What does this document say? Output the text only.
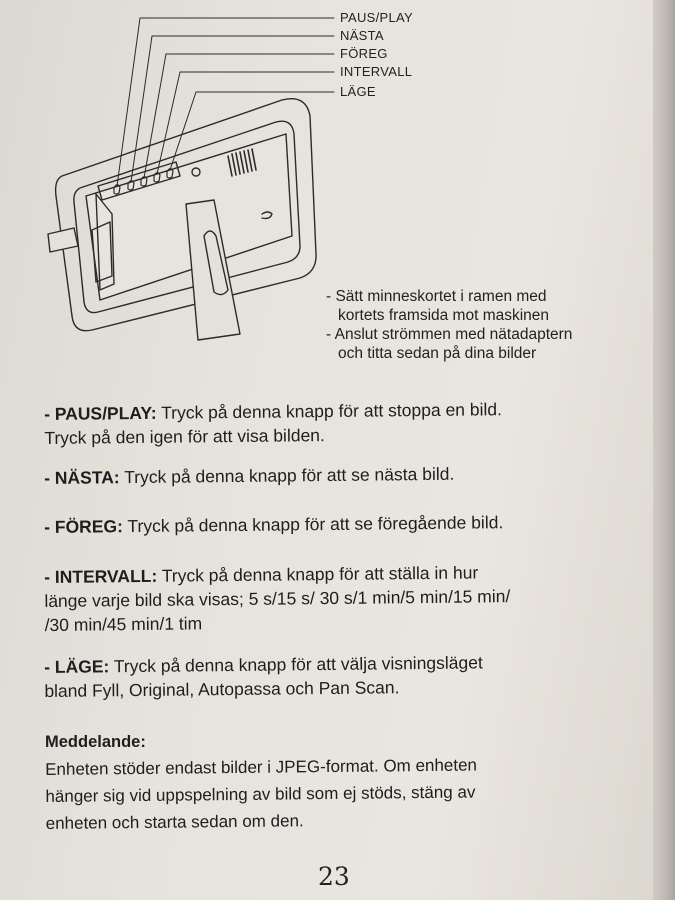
PAUS/PLAY
NÄSTA
FÖREG
INTERVALL
LÄGE
- Sätt minneskortet i ramen med
kortets framsida mot maskinen
- Anslut strömmen med nätadaptern
och titta sedan på dina bilder
- PAUS/PLAY: Tryck på denna knapp för att stoppa en bild.
Tryck på den igen för att visa bilden.
- NÄSTA: Tryck på denna knapp för att se nästa bild.
- FÖREG: Tryck på denna knapp för att se föregående bild.
- INTERVALL: Tryck på denna knapp för att ställa in hur
länge varje bild ska visas; 5 s/15 s/ 30 s/1 min/5 min/15 min/
/30 min/45 min/1 tim
- LÄGE: Tryck på denna knapp för att välja visningsläget
bland Fyll, Original, Autopassa och Pan Scan.
Meddelande:
Enheten stöder endast bilder i JPEG-format. Om enheten
hänger sig vid uppspelning av bild som ej stöds, stäng av
enheten och starta sedan om den.
23
